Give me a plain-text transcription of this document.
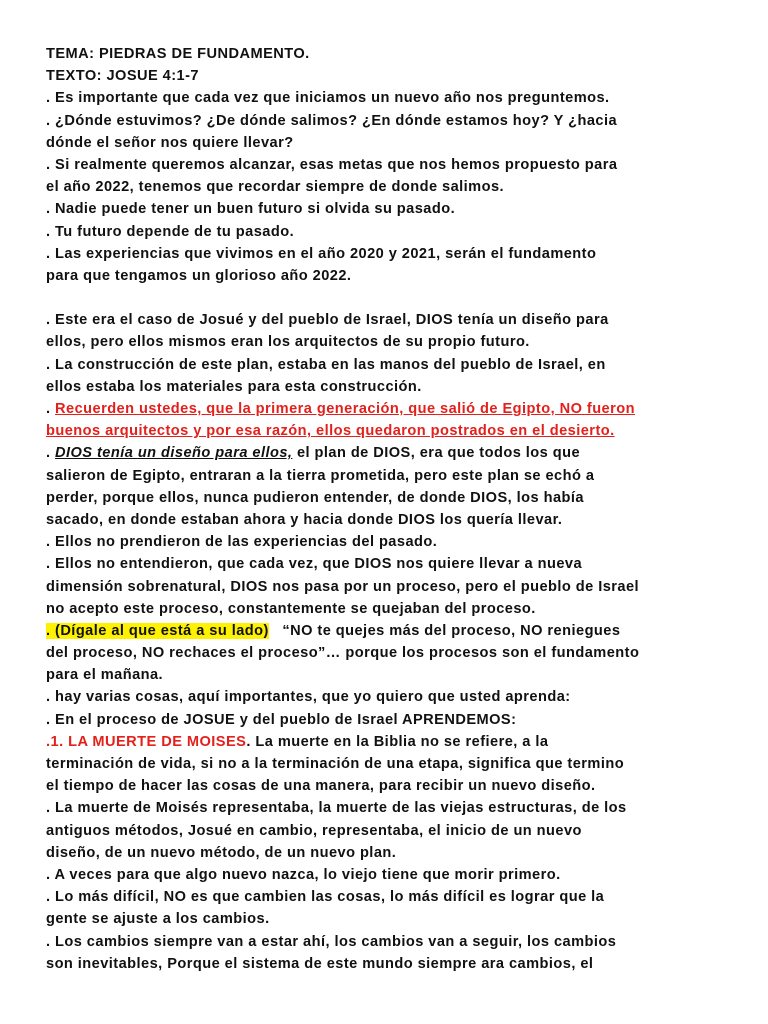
TEMA: PIEDRAS DE FUNDAMENTO.
TEXTO: JOSUE 4:1-7
. Es importante que cada vez que iniciamos un nuevo año nos preguntemos.
. ¿Dónde estuvimos? ¿De dónde salimos? ¿En dónde estamos hoy? Y ¿hacia
dónde el señor nos quiere llevar?
. Si realmente queremos alcanzar, esas metas que nos hemos propuesto para
el año 2022, tenemos que recordar siempre de donde salimos.
. Nadie puede tener un buen futuro si olvida su pasado.
. Tu futuro depende de tu pasado.
. Las experiencias que vivimos en el año 2020 y 2021, serán el fundamento
para que tengamos un glorioso año 2022.
. Este era el caso de Josué y del pueblo de Israel, DIOS tenía un diseño para
ellos, pero ellos mismos eran los arquitectos de su propio futuro.
. La construcción de este plan, estaba en las manos del pueblo de Israel, en
ellos estaba los materiales para esta construcción.
. Recuerden ustedes, que la primera generación, que salió de Egipto, NO fueron
buenos arquitectos y por esa razón, ellos quedaron postrados en el desierto.
. DIOS tenía un diseño para ellos, el plan de DIOS, era que todos los que
salieron de Egipto, entraran a la tierra prometida, pero este plan se echó a
perder, porque ellos, nunca pudieron entender, de donde DIOS, los había
sacado, en donde estaban ahora y hacia donde DIOS los quería llevar.
. Ellos no prendieron de las experiencias del pasado.
. Ellos no entendieron, que cada vez, que DIOS nos quiere llevar a nueva
dimensión sobrenatural, DIOS nos pasa por un proceso, pero el pueblo de Israel
no acepto este proceso, constantemente se quejaban del proceso.
. (Dígale al que está a su lado)   “NO te quejes más del proceso, NO reniegues
del proceso, NO rechaces el proceso”… porque los procesos son el fundamento
para el mañana.
. hay varias cosas, aquí importantes, que yo quiero que usted aprenda:
. En el proceso de JOSUE y del pueblo de Israel APRENDEMOS:
.1. LA MUERTE DE MOISES. La muerte en la Biblia no se refiere, a la
terminación de vida, si no a la terminación de una etapa, significa que termino
el tiempo de hacer las cosas de una manera, para recibir un nuevo diseño.
. La muerte de Moisés representaba, la muerte de las viejas estructuras, de los
antiguos métodos, Josué en cambio, representaba, el inicio de un nuevo
diseño, de un nuevo método, de un nuevo plan.
. A veces para que algo nuevo nazca, lo viejo tiene que morir primero.
. Lo más difícil, NO es que cambien las cosas, lo más difícil es lograr que la
gente se ajuste a los cambios.
. Los cambios siempre van a estar ahí, los cambios van a seguir, los cambios
son inevitables, Porque el sistema de este mundo siempre ara cambios, el
